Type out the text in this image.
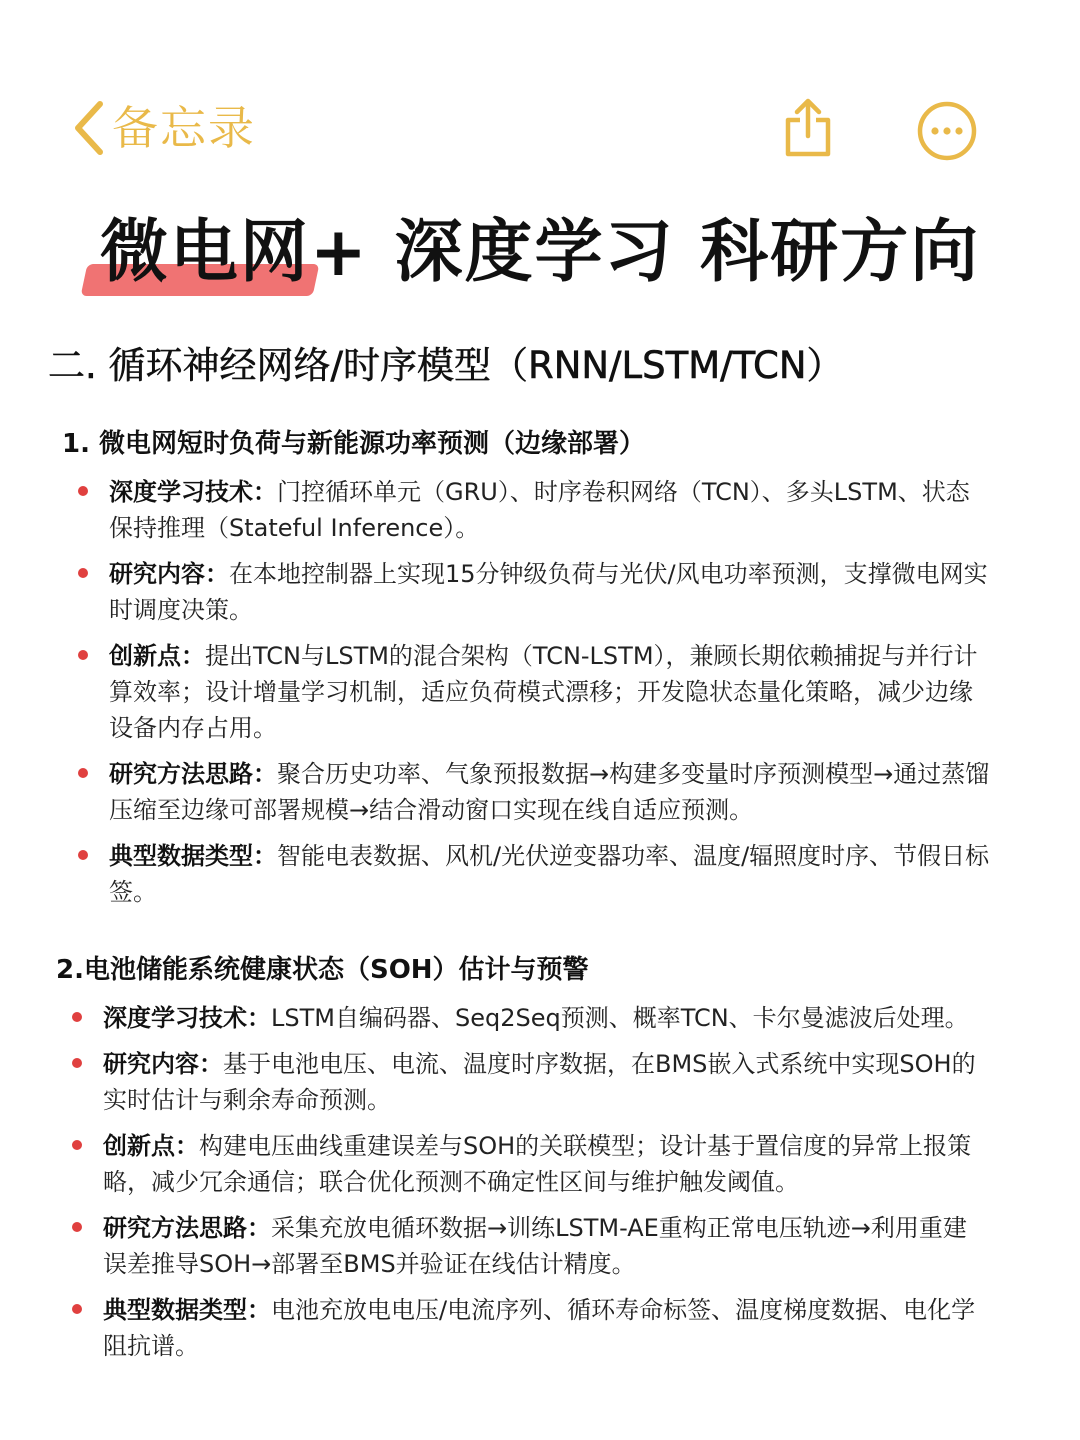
备忘录
微电网+ 深度学习 科研方向
二. 循环神经网络/时序模型（RNN/LSTM/TCN）
1. 微电网短时负荷与新能源功率预测（边缘部署）
深度学习技术：门控循环单元（GRU）、时序卷积网络（TCN）、多头LSTM、状态保持推理（Stateful Inference）。
研究内容：在本地控制器上实现15分钟级负荷与光伏/风电功率预测，支撑微电网实时调度决策。
创新点：提出TCN与LSTM的混合架构（TCN-LSTM），兼顾长期依赖捕捉与并行计算效率；设计增量学习机制，适应负荷模式漂移；开发隐状态量化策略，减少边缘设备内存占用。
研究方法思路：聚合历史功率、气象预报数据→构建多变量时序预测模型→通过蒸馏压缩至边缘可部署规模→结合滑动窗口实现在线自适应预测。
典型数据类型：智能电表数据、风机/光伏逆变器功率、温度/辐照度时序、节假日标签。
2.电池储能系统健康状态（SOH）估计与预警
深度学习技术：LSTM自编码器、Seq2Seq预测、概率TCN、卡尔曼滤波后处理。
研究内容：基于电池电压、电流、温度时序数据，在BMS嵌入式系统中实现SOH的实时估计与剩余寿命预测。
创新点：构建电压曲线重建误差与SOH的关联模型；设计基于置信度的异常上报策略，减少冗余通信；联合优化预测不确定性区间与维护触发阈值。
研究方法思路：采集充放电循环数据→训练LSTM-AE重构正常电压轨迹→利用重建误差推导SOH→部署至BMS并验证在线估计精度。
典型数据类型：电池充放电电压/电流序列、循环寿命标签、温度梯度数据、电化学阻抗谱。
